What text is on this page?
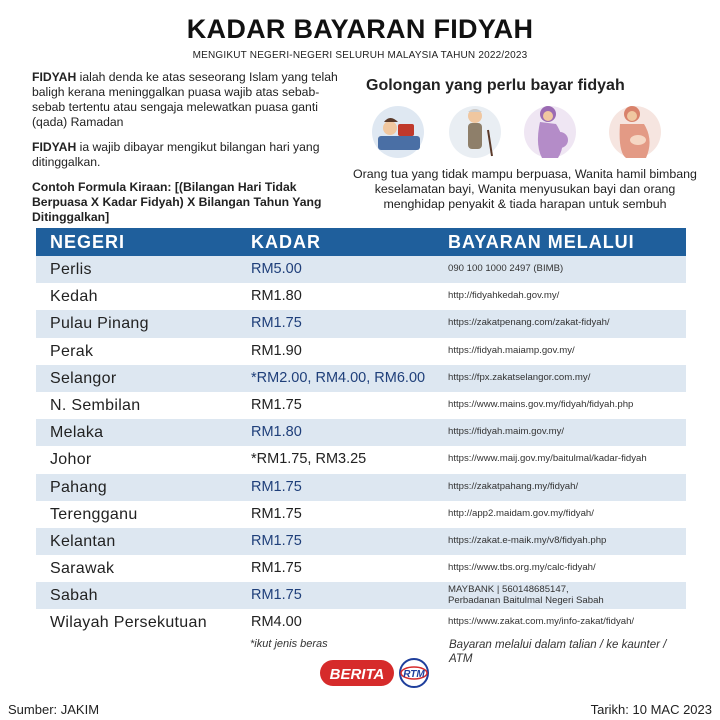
KADAR BAYARAN FIDYAH
MENGIKUT NEGERI-NEGERI SELURUH MALAYSIA TAHUN 2022/2023

FIDYAH ialah denda ke atas seseorang Islam yang telah baligh kerana meninggalkan puasa wajib atas sebab-sebab tertentu atau sengaja melewatkan puasa ganti (qada) Ramadan

FIDYAH ia wajib dibayar mengikut bilangan hari yang ditinggalkan.

Contoh Formula Kiraan: [(Bilangan Hari Tidak Berpuasa X Kadar Fidyah) X Bilangan Tahun Yang Ditinggalkan]

Golongan yang perlu bayar fidyah
Orang tua yang tidak mampu berpuasa, Wanita hamil bimbang keselamatan bayi, Wanita menyusukan bayi dan orang menghidap penyakit & tiada harapan untuk sembuh
NEGERI	KADAR	BAYARAN MELALUI
Perlis	RM5.00	090 100 1000 2497 (BIMB)
Kedah	RM1.80	http://fidyahkedah.gov.my/
Pulau Pinang	RM1.75	https://zakatpenang.com/zakat-fidyah/
Perak	RM1.90	https://fidyah.maiamp.gov.my/
Selangor	*RM2.00, RM4.00, RM6.00 https://fpx.zakatselangor.com.my/
N. Sembilan	RM1.75	https://www.mains.gov.my/fidyah/fidyah.php
Melaka	RM1.80	https://fidyah.maim.gov.my/
Johor	*RM1.75, RM3.25	https://www.maij.gov.my/baitulmal/kadar-fidyah
Pahang	RM1.75	https://zakatpahang.my/fidyah/
Terengganu	RM1.75	http://app2.maidam.gov.my/fidyah/
Kelantan	RM1.75	https://zakat.e-maik.my/v8/fidyah.php
Sarawak	RM1.75	https://www.tbs.org.my/calc-fidyah/
Sabah	RM1.75	MAYBANK | 560148685147,
Perbadanan Baitulmal Negeri Sabah
Wilayah Persekutuan	RM4.00	https://www.zakat.com.my/info-zakat/fidyah/
*ikut jenis beras	Bayaran melalui dalam talian / ke kaunter / ATM
BERITA RTM
Sumber: JAKIM	Tarikh: 10 MAC 2023
